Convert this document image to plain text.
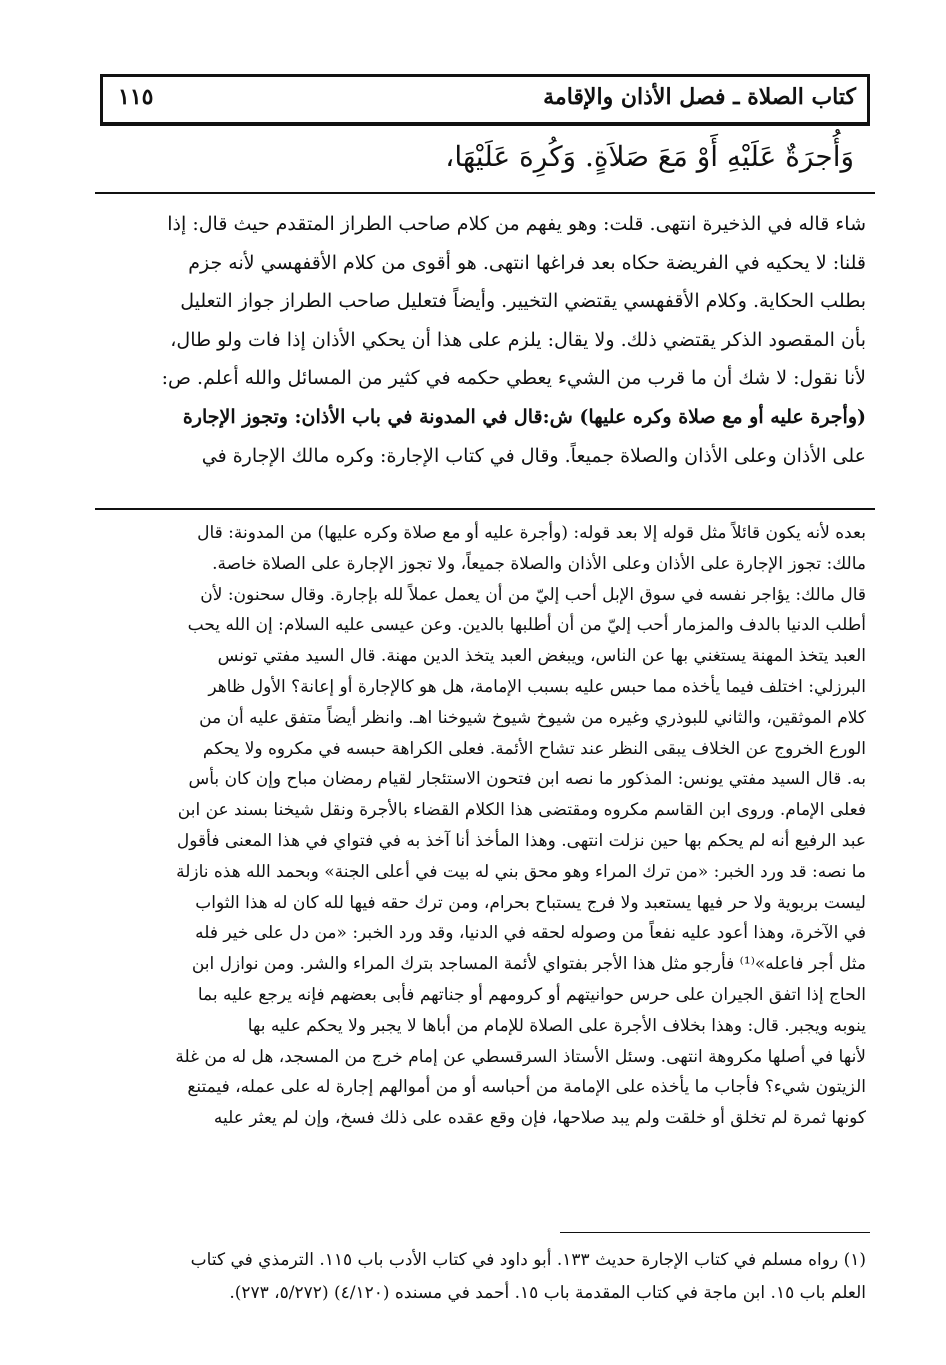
كتاب الصلاة ـ فصل الأذان والإقامة
١١٥
وَأُجرَةٌ عَلَيْهِ أَوْ مَعَ صَلاَةٍ. وَكُرِهَ عَلَيْهَا،

شاء قاله في الذخيرة انتهى. قلت: وهو يفهم من كلام صاحب الطراز المتقدم حيث قال: إذا

قلنا: لا يحكيه في الفريضة حكاه بعد فراغها انتهى. هو أقوى من كلام الأقفهسي لأنه جزم

بطلب الحكاية. وكلام الأقفهسي يقتضي التخيير. وأيضاً فتعليل صاحب الطراز جواز التعليل

بأن المقصود الذكر يقتضي ذلك. ولا يقال: يلزم على هذا أن يحكي الأذان إذا فات ولو طال،

لأنا نقول: لا شك أن ما قرب من الشيء يعطي حكمه في كثير من المسائل والله أعلم. ص:

(وأجرة عليه أو مع صلاة وكره عليها) ش:قال في المدونة في باب الأذان: وتجوز الإجارة

على الأذان وعلى الأذان والصلاة جميعاً. وقال في كتاب الإجارة: وكره مالك الإجارة في

بعده لأنه يكون قائلاً مثل قوله إلا بعد قوله: (وأجرة عليه أو مع صلاة وكره عليها) من المدونة: قال

مالك: تجوز الإجارة على الأذان وعلى الأذان والصلاة جميعاً، ولا تجوز الإجارة على الصلاة خاصة.

قال مالك: يؤاجر نفسه في سوق الإبل أحب إليّ من أن يعمل عملاً لله بإجارة. وقال سحنون: لأن

أطلب الدنيا بالدف والمزمار أحب إليّ من أن أطلبها بالدين. وعن عيسى عليه السلام: إن الله يحب

العبد يتخذ المهنة يستغني بها عن الناس، ويبغض العبد يتخذ الدين مهنة. قال السيد مفتي تونس

البرزلي: اختلف فيما يأخذه مما حبس عليه بسبب الإمامة، هل هو كالإجارة أو إعانة؟ الأول ظاهر

كلام الموثقين، والثاني للبوذري وغيره من شيوخ شيوخ شيوخنا اهـ. وانظر أيضاً متفق عليه أن من

الورع الخروج عن الخلاف يبقى النظر عند تشاح الأئمة. فعلى الكراهة حبسه في مكروه ولا يحكم

به. قال السيد مفتي يونس: المذكور ما نصه ابن فتحون الاستئجار لقيام رمضان مباح وإن كان بأس

فعلى الإمام. وروى ابن القاسم مكروه ومقتضى هذا الكلام القضاء بالأجرة ونقل شيخنا بسند عن ابن

عبد الرفيع أنه لم يحكم بها حين نزلت انتهى. وهذا المأخذ أنا آخذ به في فتواي في هذا المعنى فأقول

ما نصه: قد ورد الخبر: «من ترك المراء وهو محق بني له بيت في أعلى الجنة» وبحمد الله هذه نازلة

ليست بربوية ولا حر فيها يستعبد ولا فرج يستباح بحرام، ومن ترك حقه فيها لله كان له هذا الثواب

في الآخرة، وهذا أعود عليه نفعاً من وصوله لحقه في الدنيا، وقد ورد الخبر: «من دل على خير فله

مثل أجر فاعله»⁽¹⁾ فأرجو مثل هذا الأجر بفتواي لأئمة المساجد بترك المراء والشر. ومن نوازل ابن

الحاج إذا اتفق الجيران على حرس حوانيتهم أو كرومهم أو جناتهم فأبى بعضهم فإنه يرجع عليه بما

ينوبه ويجبر. قال: وهذا بخلاف الأجرة على الصلاة للإمام من أباها لا يجبر ولا يحكم عليه بها

لأنها في أصلها مكروهة انتهى. وسئل الأستاذ السرقسطي عن إمام خرج من المسجد، هل له من غلة

الزيتون شيء؟ فأجاب ما يأخذه على الإمامة من أحباسه أو من أموالهم إجارة له على عمله، فيمتنع

كونها ثمرة لم تخلق أو خلقت ولم يبد صلاحها، فإن وقع عقده على ذلك فسخ، وإن لم يعثر عليه

(١) رواه مسلم في كتاب الإجارة حديث ١٣٣. أبو داود في كتاب الأدب باب ١١٥. الترمذي في كتاب

العلم باب ١٥. ابن ماجة في كتاب المقدمة باب ١٥. أحمد في مسنده (٤/١٢٠) (٥/٢٧٢، ٢٧٣).
